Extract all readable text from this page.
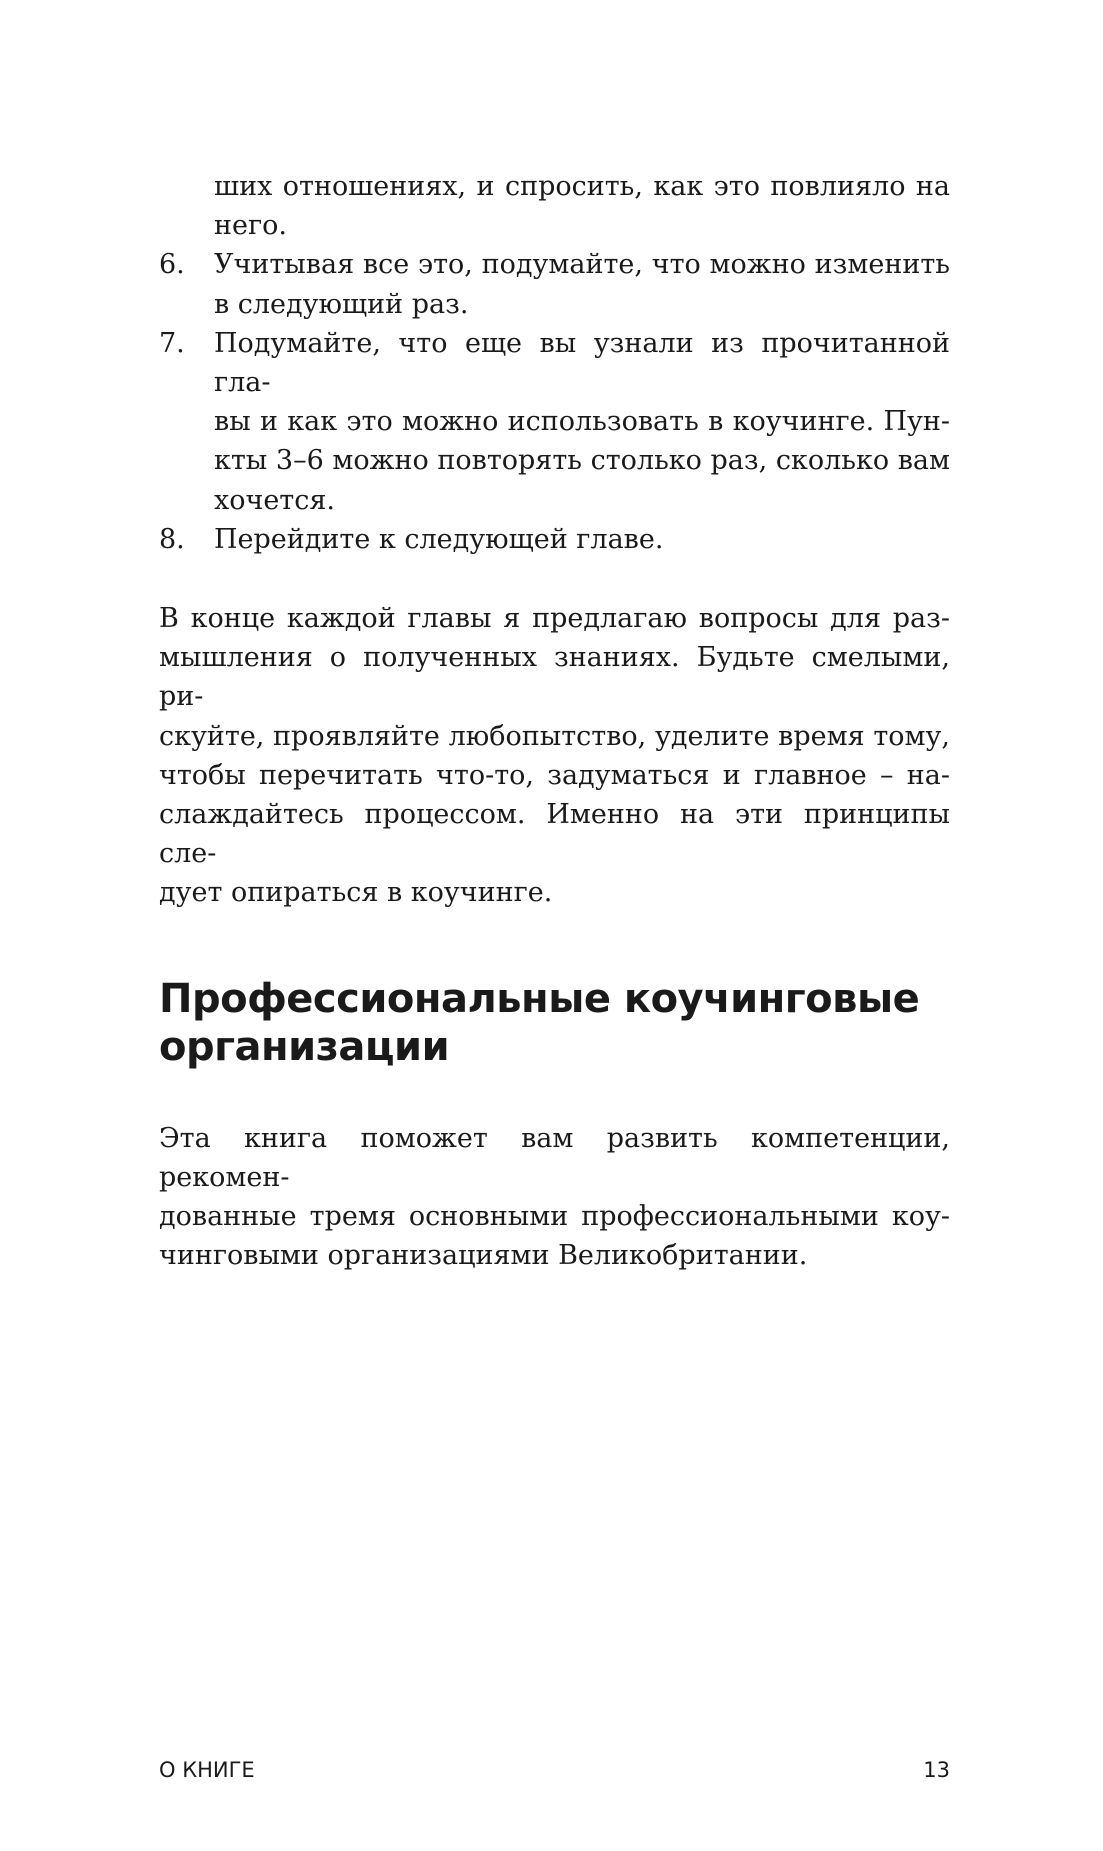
ших отношениях, и спросить, как это повлияло на
него.
6. Учитывая все это, подумайте, что можно изменить
в следующий раз.
7. Подумайте, что еще вы узнали из прочитанной гла-
вы и как это можно использовать в коучинге. Пун-
кты 3–6 можно повторять столько раз, сколько вам
хочется.
8. Перейдите к следующей главе.

В конце каждой главы я предлагаю вопросы для раз-
мышления о полученных знаниях. Будьте смелыми, ри-
скуйте, проявляйте любопытство, уделите время тому,
чтобы перечитать что-то, задуматься и главное – на-
слаждайтесь процессом. Именно на эти принципы сле-
дует опираться в коучинге.

Профессиональные коучинговые
организации

Эта книга поможет вам развить компетенции, рекомен-
дованные тремя основными профессиональными коу-
чинговыми организациями Великобритании.

О КНИГЕ	13
